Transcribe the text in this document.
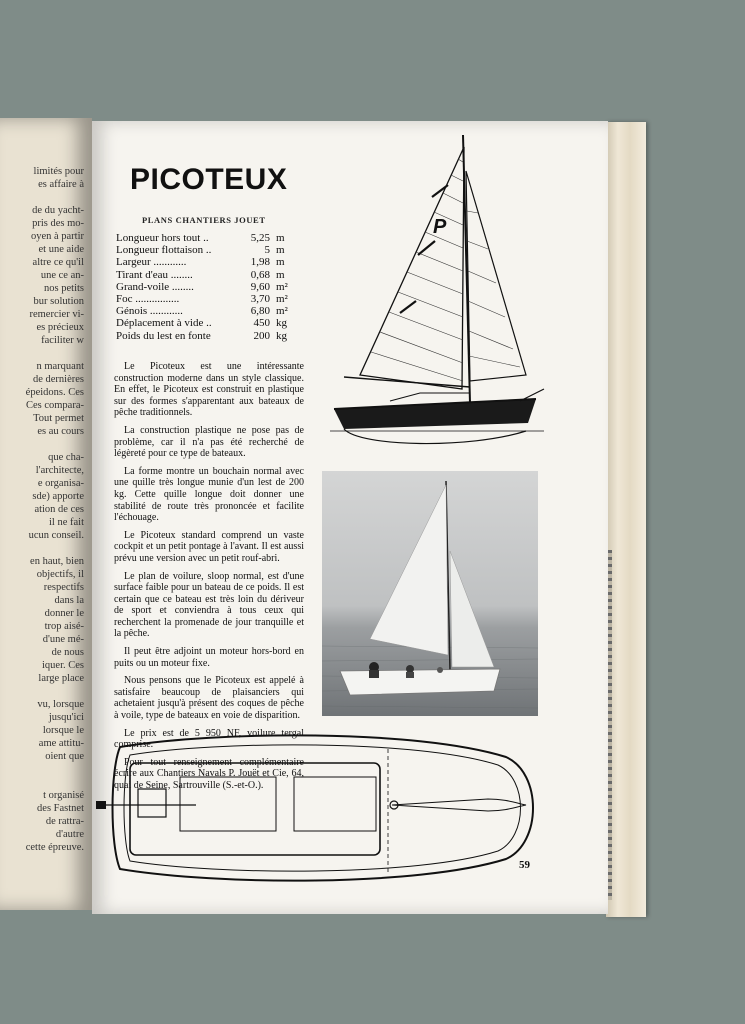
limités pour
es affaire à
de du yacht-
pris des mo-
oyen à partir
et une aide
altre ce qu'il
une ce an-
nos petits
bur solution
remercier vi-
es précieux
faciliter w
n marquant
de dernières
épeidons. Ces
Ces compara-
Tout permet
es au cours
que cha-
l'architecte,
e organisa-
sde) apporte
ation de ces
il ne fait
ucun conseil.
en haut, bien
objectifs, il
respectifs
dans la
donner le
trop aisé-
d'une mé-
de nous
iquer. Ces
large place
vu, lorsque
jusqu'ici
lorsque le
ame attitu-
oient que
t organisé
des Fastnet
de rattra-
d'autre
cette épreuve.
PICOTEUX
PLANS CHANTIERS JOUET
Longueur hors tout ..	5,25 m
Longueur flottaison ..	5 m
Largeur ............	1,98 m
Tirant d'eau ........	0,68 m
Grand-voile ........	9,60 m²
Foc ................	3,70 m²
Génois ............	6,80 m²
Déplacement à vide ..	450 kg
Poids du lest en fonte	200 kg

Le Picoteux est une intéressante construction moderne dans un style classique. En effet, le Picoteux est construit en plastique sur des formes s'apparentant aux bateaux de pêche traditionnels.

La construction plastique ne pose pas de problème, car il n'a pas été recherché de légèreté pour ce type de bateaux.

La forme montre un bouchain normal avec une quille très longue munie d'un lest de 200 kg. Cette quille longue doit donner une stabilité de route très prononcée et facilite l'échouage.

Le Picoteux standard comprend un vaste cockpit et un petit pontage à l'avant. Il est aussi prévu une version avec un petit rouf-abri.

Le plan de voilure, sloop normal, est d'une surface faible pour un bateau de ce poids. Il est certain que ce bateau est très loin du dériveur de sport et conviendra à tous ceux qui recherchent la promenade de jour tranquille et la pêche.

Il peut être adjoint un moteur hors-bord en puits ou un moteur fixe.

Nous pensons que le Picoteux est appelé à satisfaire beaucoup de plaisanciers qui achetaient jusqu'à présent des coques de pêche à voile, type de bateaux en voie de disparition.

Le prix est de 5 950 NF, voilure tergal comprise.

Pour tout renseignement complémentaire écrire aux Chantiers Navals P. Jouët et Cie, 64, quai de Seine, Sartrouville (S.-et-O.).

P
59
